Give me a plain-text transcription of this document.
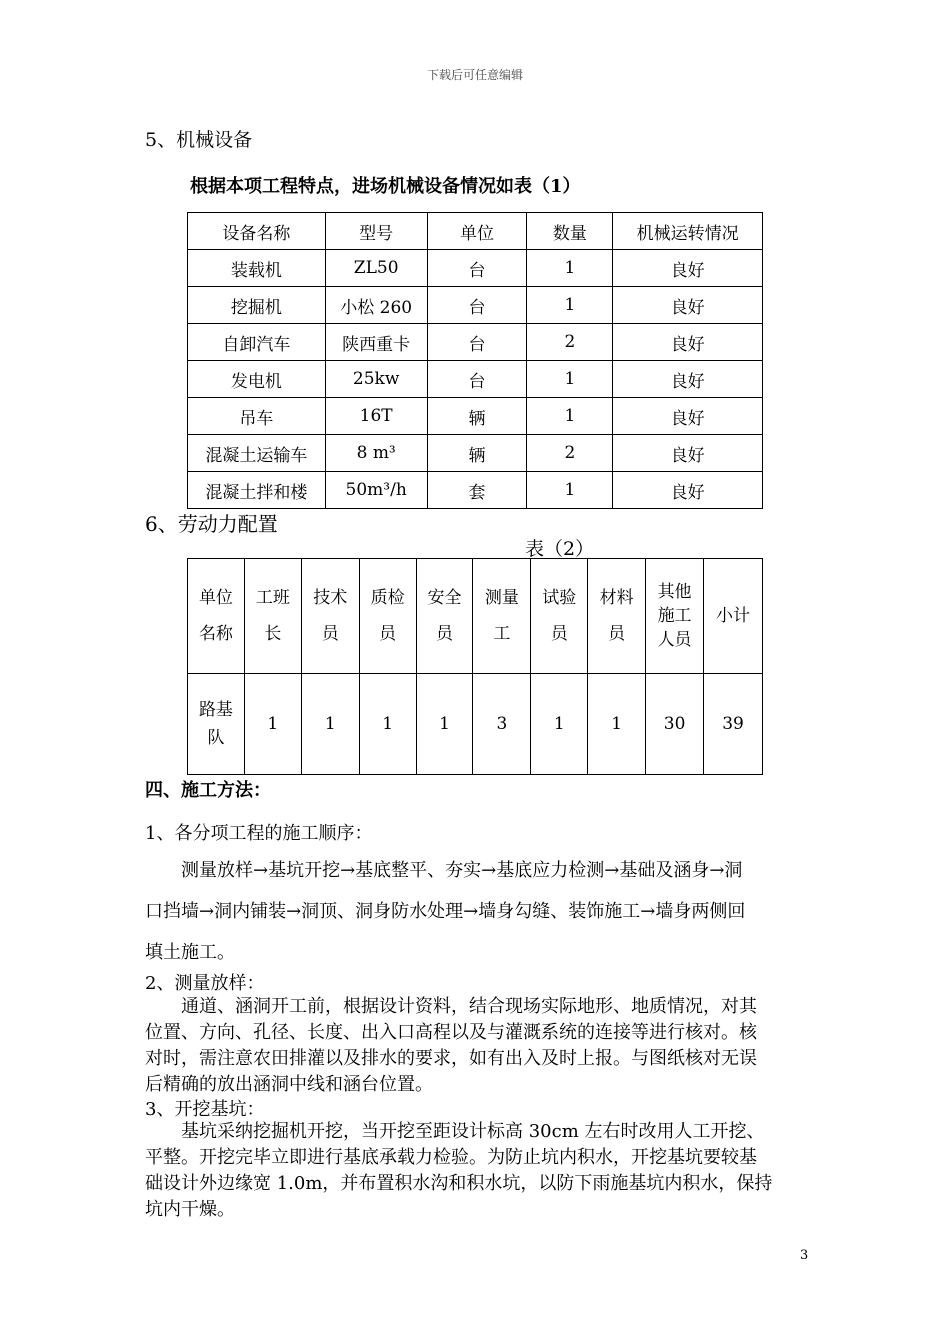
下载后可任意编辑
5、机械设备
根据本项工程特点，进场机械设备情况如表（1）
设备名称	型号	单位	数量	机械运转情况
装载机	ZL50	台	1	良好
挖掘机	小松 260	台	1	良好
自卸汽车	陕西重卡	台	2	良好
发电机	25kw	台	1	良好
吊车	16T	辆	1	良好
混凝土运输车	8 m³	辆	2	良好
混凝土拌和楼	50m³/h	套	1	良好
6、劳动力配置
表（2）
单位名称	工班长	技术员	质检员	安全员	测量工	试验员	材料员	其他施工人员	小计
路基队	1	1	1	1	3	1	1	30	39
四、施工方法：
1、各分项工程的施工顺序：
测量放样→基坑开挖→基底整平、夯实→基底应力检测→基础及涵身→洞
口挡墙→洞内铺装→洞顶、洞身防水处理→墙身勾缝、装饰施工→墙身两侧回
填土施工。
2、测量放样：
通道、涵洞开工前，根据设计资料，结合现场实际地形、地质情况，对其
位置、方向、孔径、长度、出入口高程以及与灌溉系统的连接等进行核对。核
对时，需注意农田排灌以及排水的要求，如有出入及时上报。与图纸核对无误
后精确的放出涵洞中线和涵台位置。
3、开挖基坑：
基坑采纳挖掘机开挖，当开挖至距设计标高 30cm 左右时改用人工开挖、
平整。开挖完毕立即进行基底承载力检验。为防止坑内积水，开挖基坑要较基
础设计外边缘宽 1.0m，并布置积水沟和积水坑，以防下雨施基坑内积水，保持
坑内干燥。
3
